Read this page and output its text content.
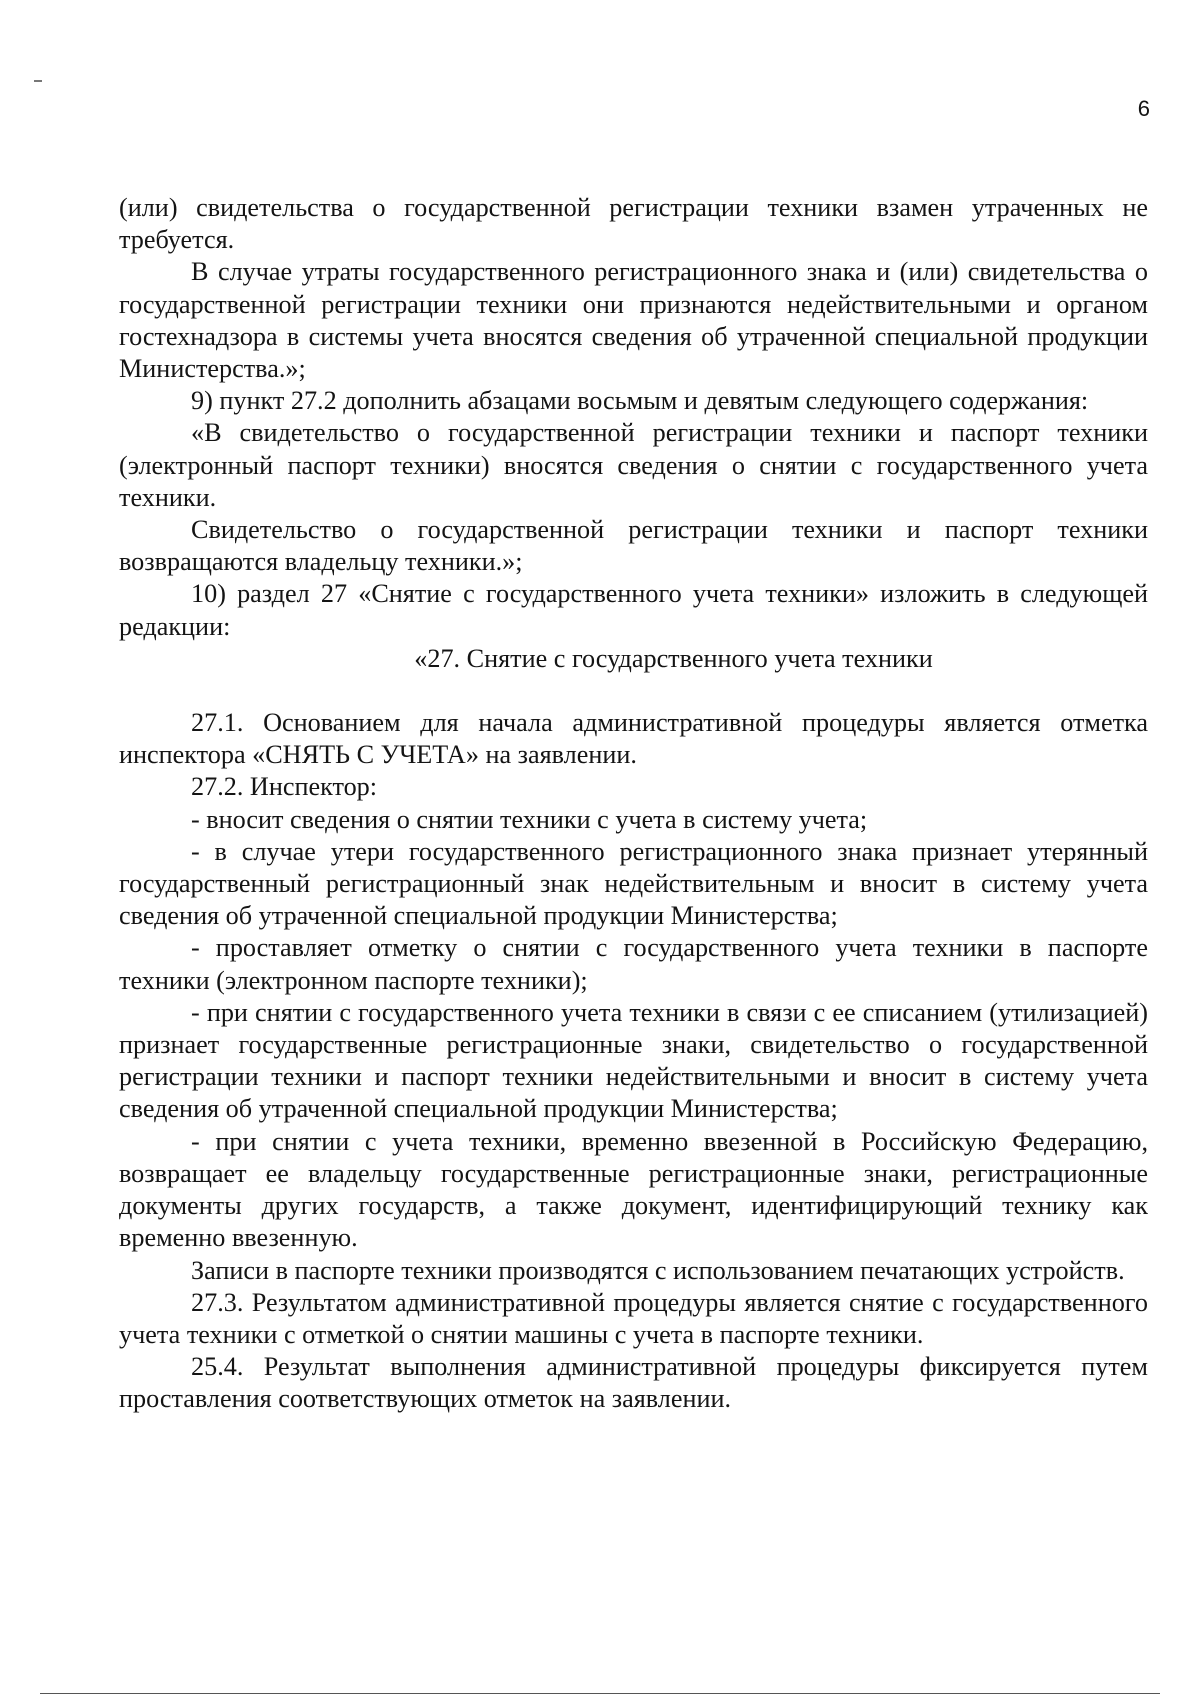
6

(или) свидетельства о государственной регистрации техники взамен утраченных не требуется.

В случае утраты государственного регистрационного знака и (или) свидетельства о государственной регистрации техники они признаются недействительными и органом гостехнадзора в системы учета вносятся сведения об утраченной специальной продукции Министерства.»;

9) пункт 27.2 дополнить абзацами восьмым и девятым следующего содержания:

«В свидетельство о государственной регистрации техники и паспорт техники (электронный паспорт техники) вносятся сведения о снятии с государственного учета техники.

Свидетельство о государственной регистрации техники и паспорт техники возвращаются владельцу техники.»;

10) раздел 27 «Снятие с государственного учета техники» изложить в следующей редакции:

«27. Снятие с государственного учета техники

27.1. Основанием для начала административной процедуры является отметка инспектора «СНЯТЬ С УЧЕТА» на заявлении.

27.2. Инспектор:

- вносит сведения о снятии техники с учета в систему учета;

- в случае утери государственного регистрационного знака признает утерянный государственный регистрационный знак недействительным и вносит в систему учета сведения об утраченной специальной продукции Министерства;

- проставляет отметку о снятии с государственного учета техники в паспорте техники (электронном паспорте техники);

- при снятии с государственного учета техники в связи с ее списанием (утилизацией) признает государственные регистрационные знаки, свидетельство о государственной регистрации техники и паспорт техники недействительными и вносит в систему учета сведения об утраченной специальной продукции Министерства;

- при снятии с учета техники, временно ввезенной в Российскую Федерацию, возвращает ее владельцу государственные регистрационные знаки, регистрационные документы других государств, а также документ, идентифицирующий технику как временно ввезенную.

Записи в паспорте техники производятся с использованием печатающих устройств.

27.3. Результатом административной процедуры является снятие с государственного учета техники с отметкой о снятии машины с учета в паспорте техники.

25.4. Результат выполнения административной процедуры фиксируется путем проставления соответствующих отметок на заявлении.
